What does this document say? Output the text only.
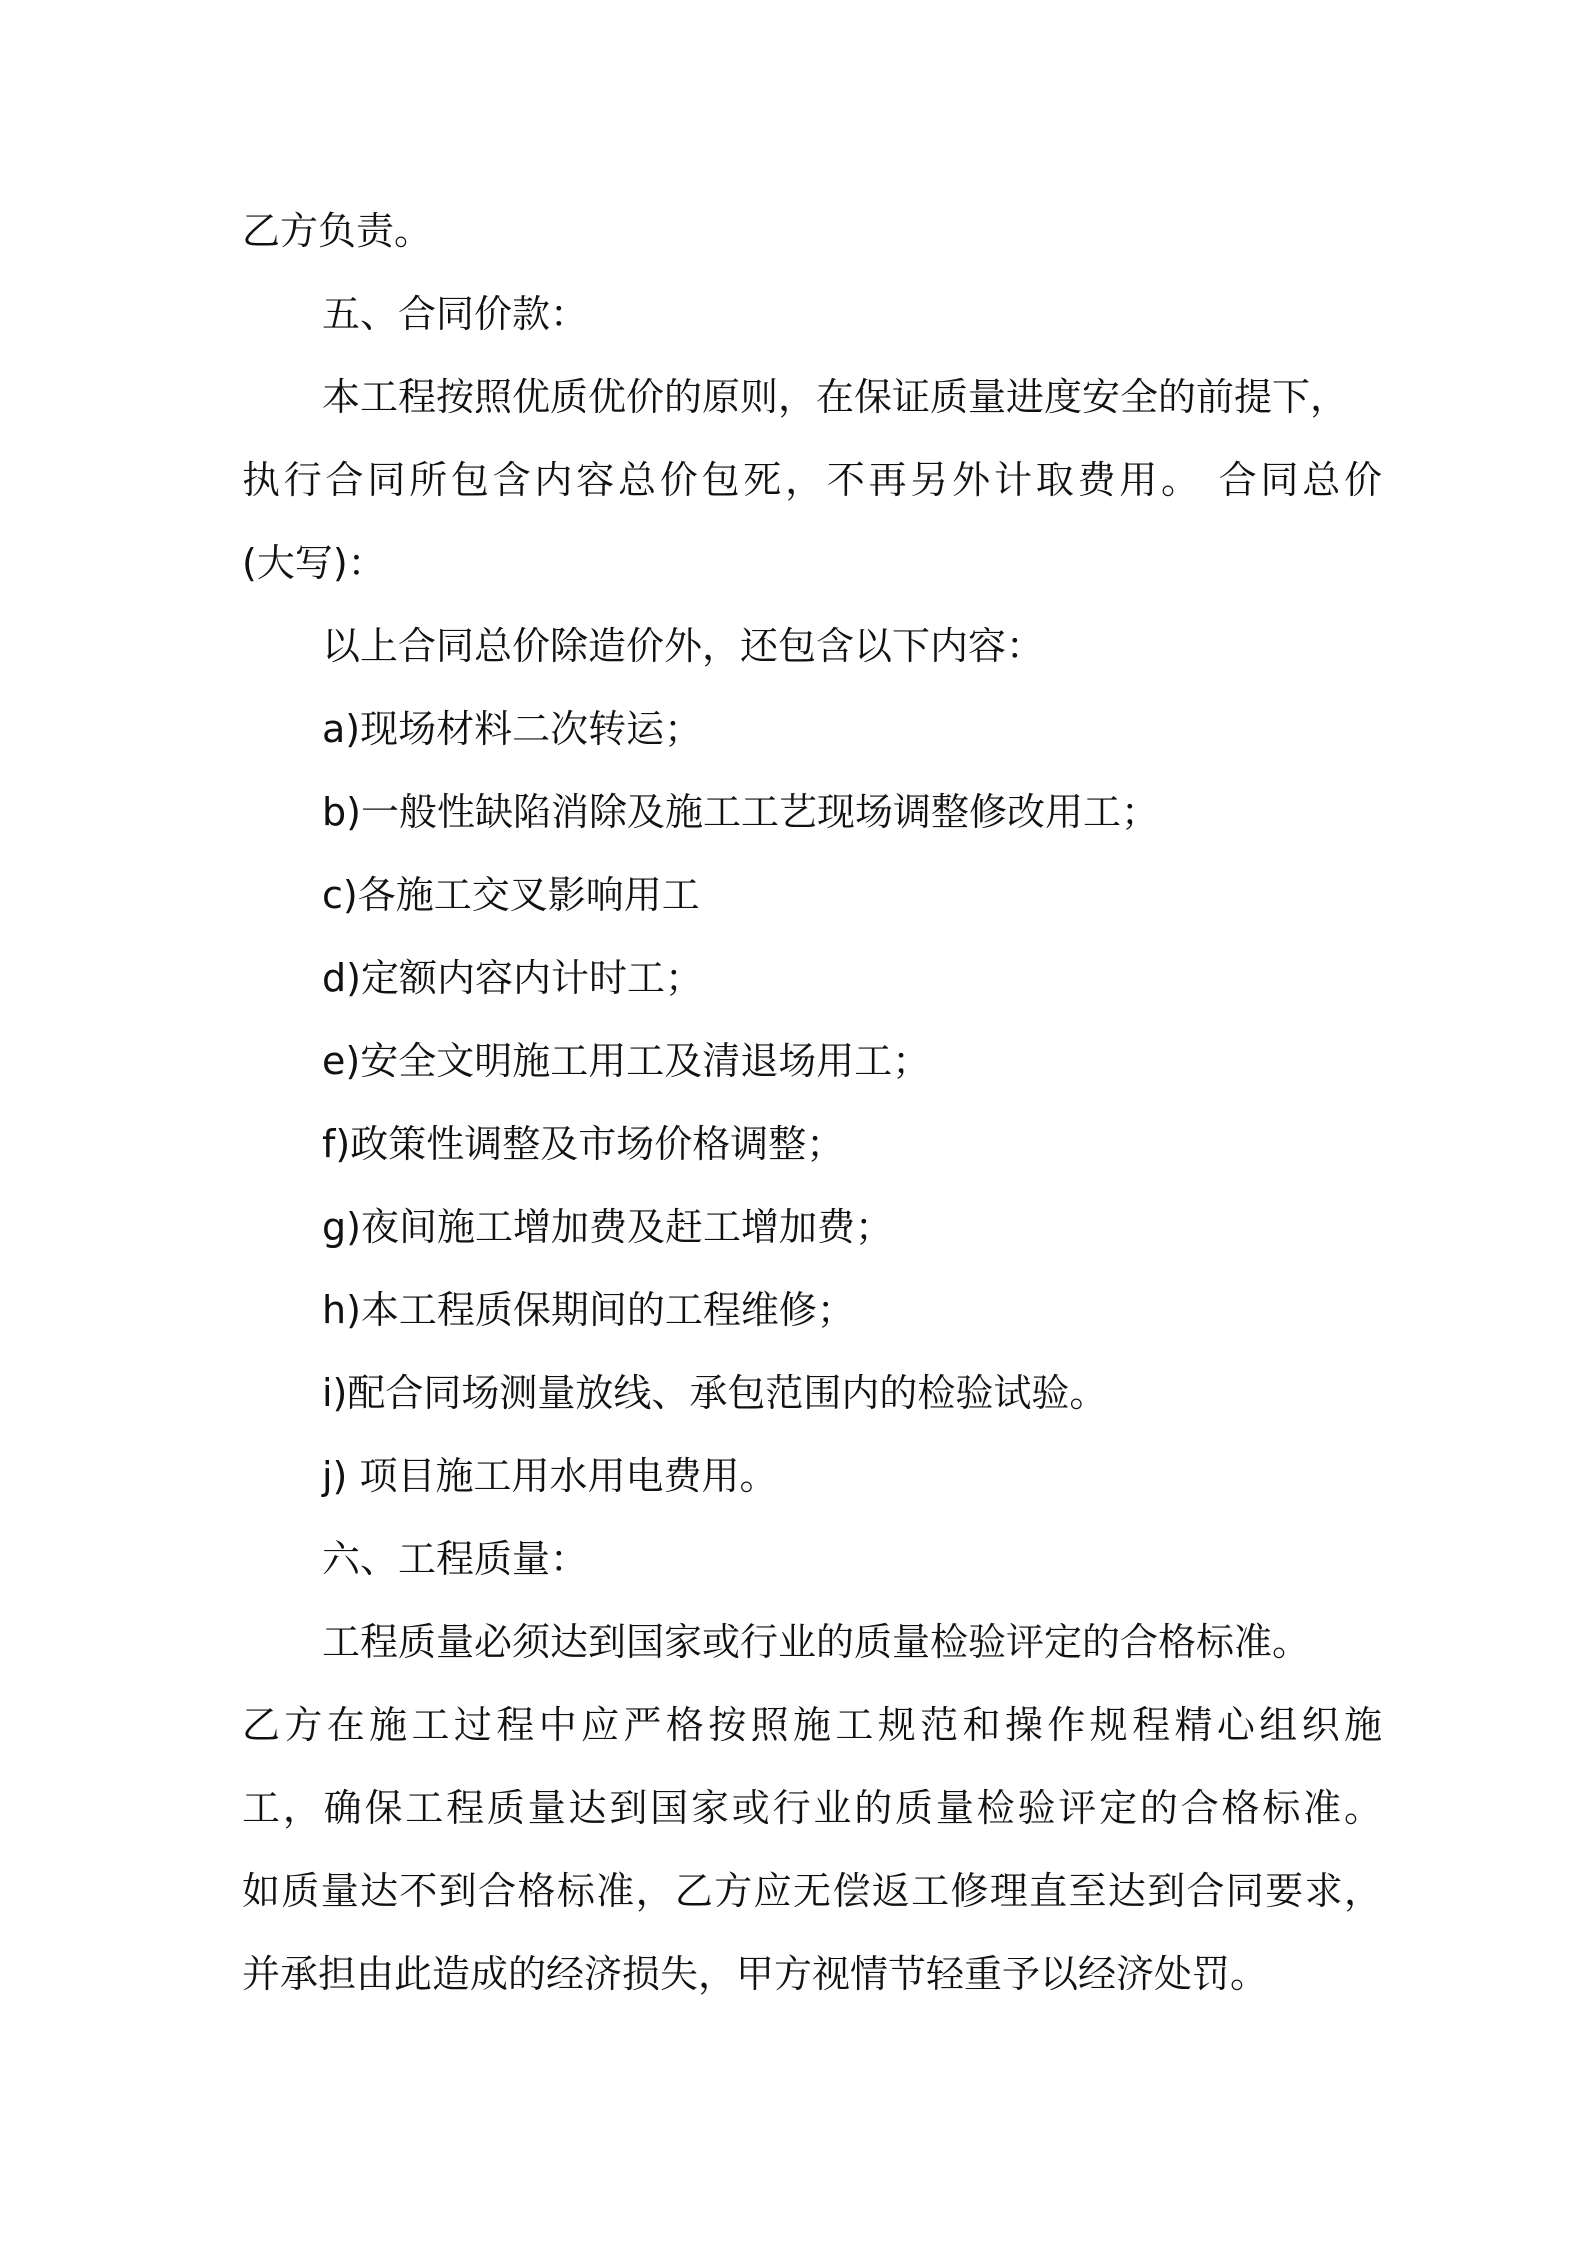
乙方负责。
五、合同价款：
本工程按照优质优价的原则，在保证质量进度安全的前提下，
执行合同所包含内容总价包死，不再另外计取费用。 合同总价
(大写)：
以上合同总价除造价外，还包含以下内容：
a)现场材料二次转运；
b)一般性缺陷消除及施工工艺现场调整修改用工；
c)各施工交叉影响用工
d)定额内容内计时工；
e)安全文明施工用工及清退场用工；
f)政策性调整及市场价格调整；
g)夜间施工增加费及赶工增加费；
h)本工程质保期间的工程维修；
i)配合同场测量放线、承包范围内的检验试验。
j) 项目施工用水用电费用。
六、工程质量：
工程质量必须达到国家或行业的质量检验评定的合格标准。
乙方在施工过程中应严格按照施工规范和操作规程精心组织施
工，确保工程质量达到国家或行业的质量检验评定的合格标准。
如质量达不到合格标准，乙方应无偿返工修理直至达到合同要求，
并承担由此造成的经济损失，甲方视情节轻重予以经济处罚。
